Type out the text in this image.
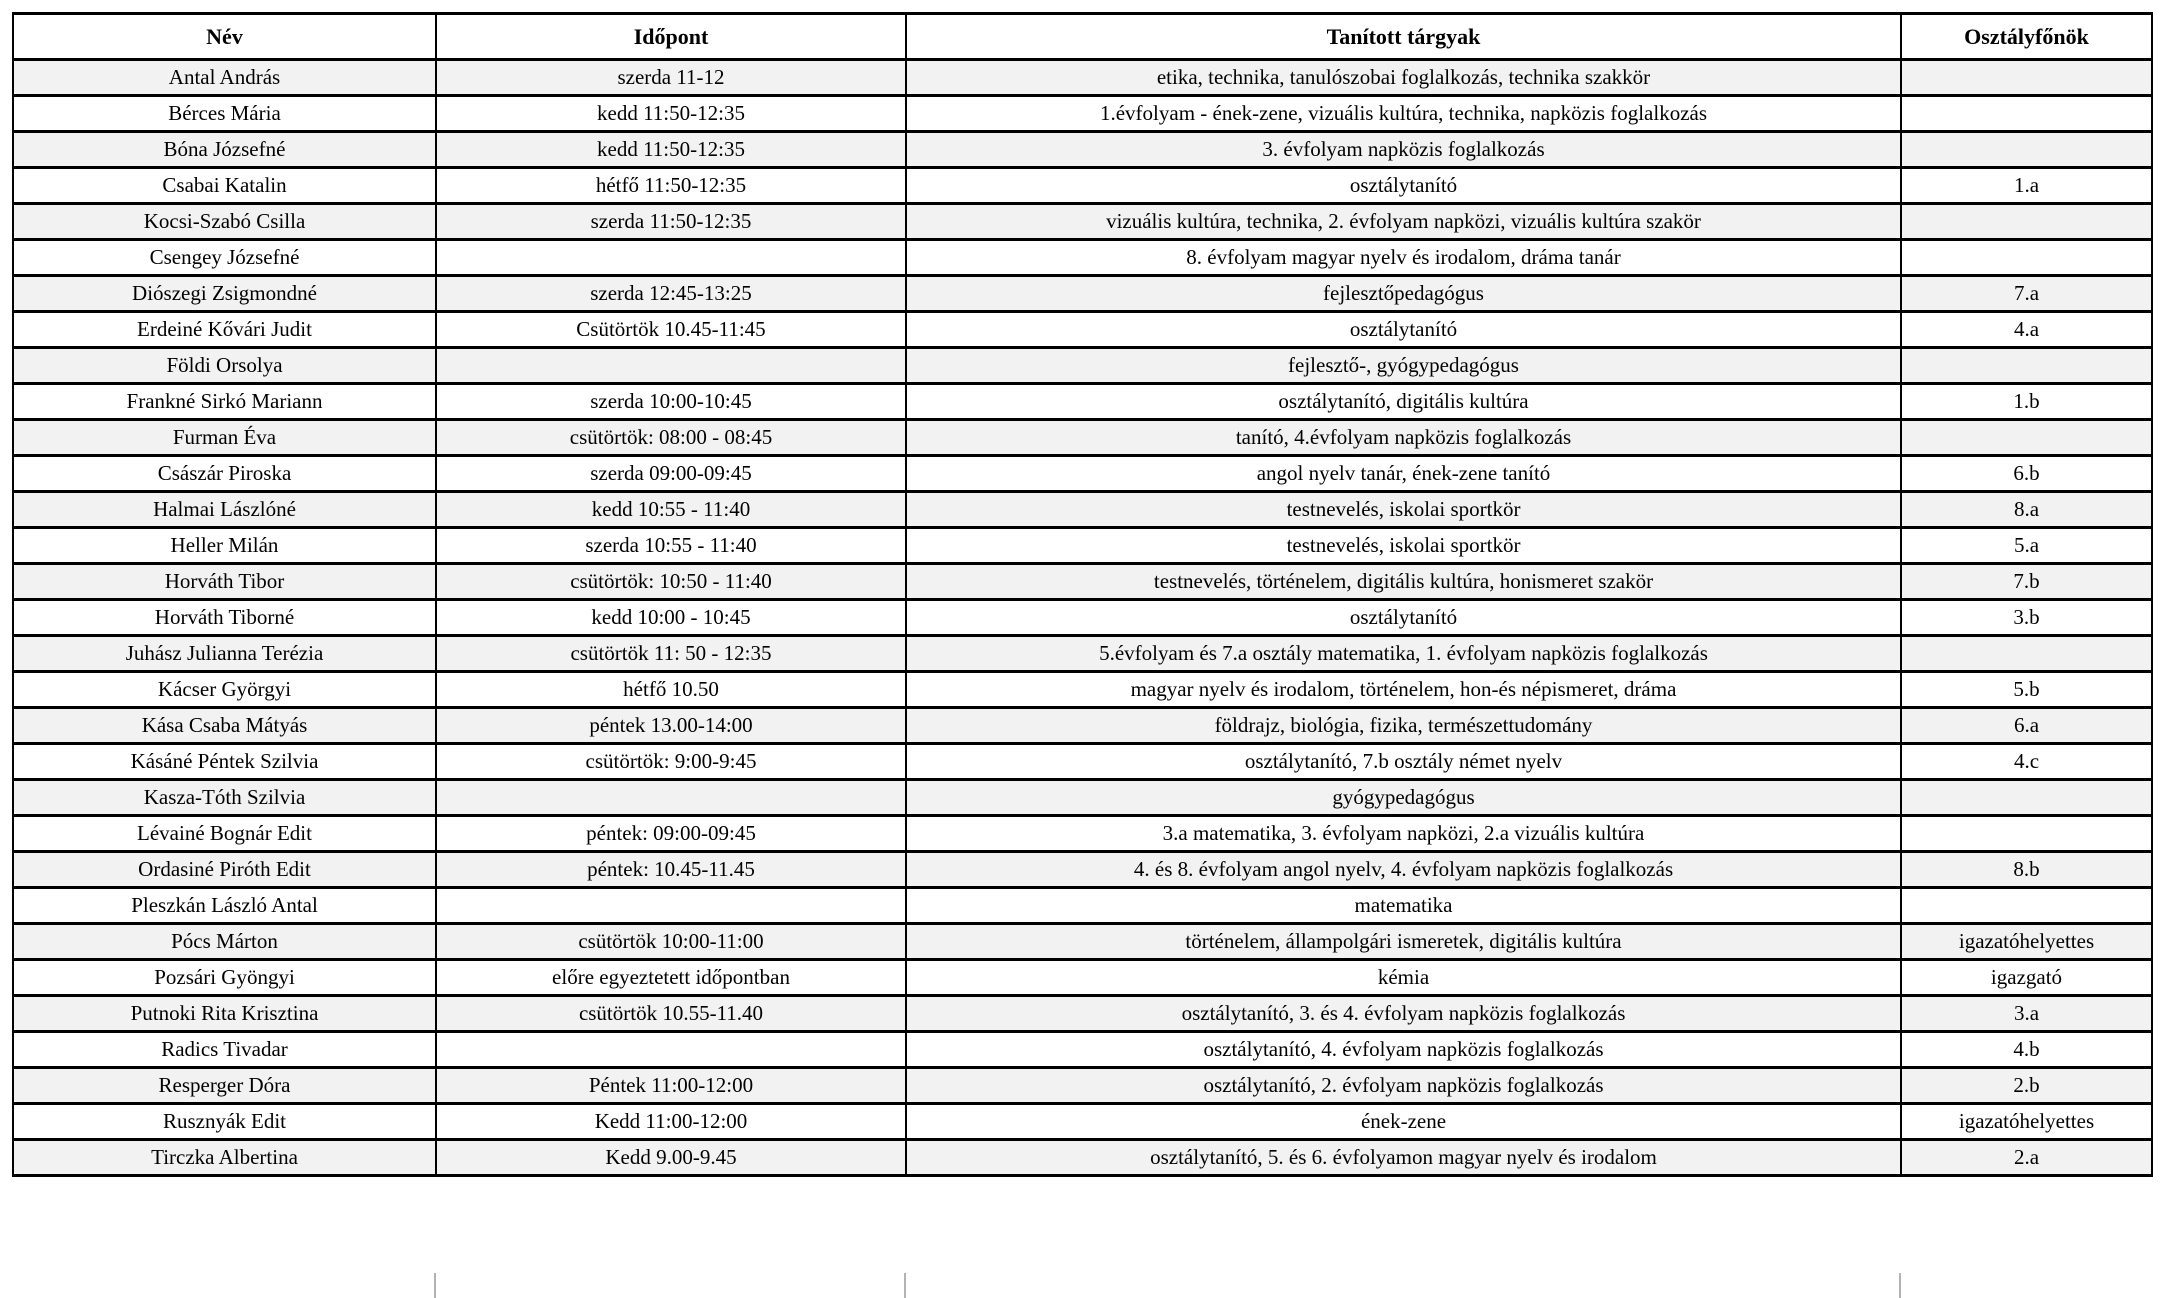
Név	Időpont	Tanított tárgyak	Osztályfőnök
Antal András	szerda 11-12	etika, technika, tanulószobai foglalkozás, technika szakkör	
Bérces Mária	kedd 11:50-12:35	1.évfolyam - ének-zene, vizuális kultúra, technika, napközis foglalkozás	
Bóna Józsefné	kedd 11:50-12:35	3. évfolyam napközis foglalkozás	
Csabai Katalin	hétfő 11:50-12:35	osztálytanító	1.a
Kocsi-Szabó Csilla	szerda 11:50-12:35	vizuális kultúra, technika, 2. évfolyam napközi, vizuális kultúra szakör	
Csengey Józsefné		8. évfolyam magyar nyelv és irodalom, dráma tanár	
Diószegi Zsigmondné	szerda 12:45-13:25	fejlesztőpedagógus	7.a
Erdeiné Kővári Judit	Csütörtök 10.45-11:45	osztálytanító	4.a
Földi Orsolya		fejlesztő-, gyógypedagógus	
Frankné Sirkó Mariann	szerda 10:00-10:45	osztálytanító, digitális kultúra	1.b
Furman Éva	csütörtök: 08:00 - 08:45	tanító, 4.évfolyam napközis foglalkozás	
Császár Piroska	szerda 09:00-09:45	angol nyelv tanár, ének-zene tanító	6.b
Halmai Lászlóné	kedd 10:55 - 11:40	testnevelés, iskolai sportkör	8.a
Heller Milán	szerda 10:55 - 11:40	testnevelés, iskolai sportkör	5.a
Horváth Tibor	csütörtök: 10:50 - 11:40	testnevelés, történelem, digitális kultúra, honismeret szakör	7.b
Horváth Tiborné	kedd 10:00 - 10:45	osztálytanító	3.b
Juhász Julianna Terézia	csütörtök 11: 50 - 12:35	5.évfolyam és 7.a osztály matematika, 1. évfolyam napközis foglalkozás	
Kácser Györgyi	hétfő 10.50	magyar nyelv és irodalom, történelem, hon-és népismeret, dráma	5.b
Kása Csaba Mátyás	péntek 13.00-14:00	földrajz, biológia, fizika, természettudomány	6.a
Kásáné Péntek Szilvia	csütörtök: 9:00-9:45	osztálytanító, 7.b osztály német nyelv	4.c
Kasza-Tóth Szilvia		gyógypedagógus	
Lévainé Bognár Edit	péntek: 09:00-09:45	3.a matematika, 3. évfolyam napközi, 2.a vizuális kultúra	
Ordasiné Piróth Edit	péntek: 10.45-11.45	4. és 8. évfolyam angol nyelv, 4. évfolyam napközis foglalkozás	8.b
Pleszkán László Antal		matematika	
Pócs Márton	csütörtök 10:00-11:00	történelem, állampolgári ismeretek, digitális kultúra	igazatóhelyettes
Pozsári Gyöngyi	előre egyeztetett időpontban	kémia	igazgató
Putnoki Rita Krisztina	csütörtök 10.55-11.40	osztálytanító, 3. és 4. évfolyam napközis foglalkozás	3.a
Radics Tivadar		osztálytanító, 4. évfolyam napközis foglalkozás	4.b
Resperger Dóra	Péntek 11:00-12:00	osztálytanító, 2. évfolyam napközis foglalkozás	2.b
Rusznyák Edit	Kedd 11:00-12:00	ének-zene	igazatóhelyettes
Tirczka Albertina	Kedd 9.00-9.45	osztálytanító, 5. és 6. évfolyamon magyar nyelv és irodalom	2.a
